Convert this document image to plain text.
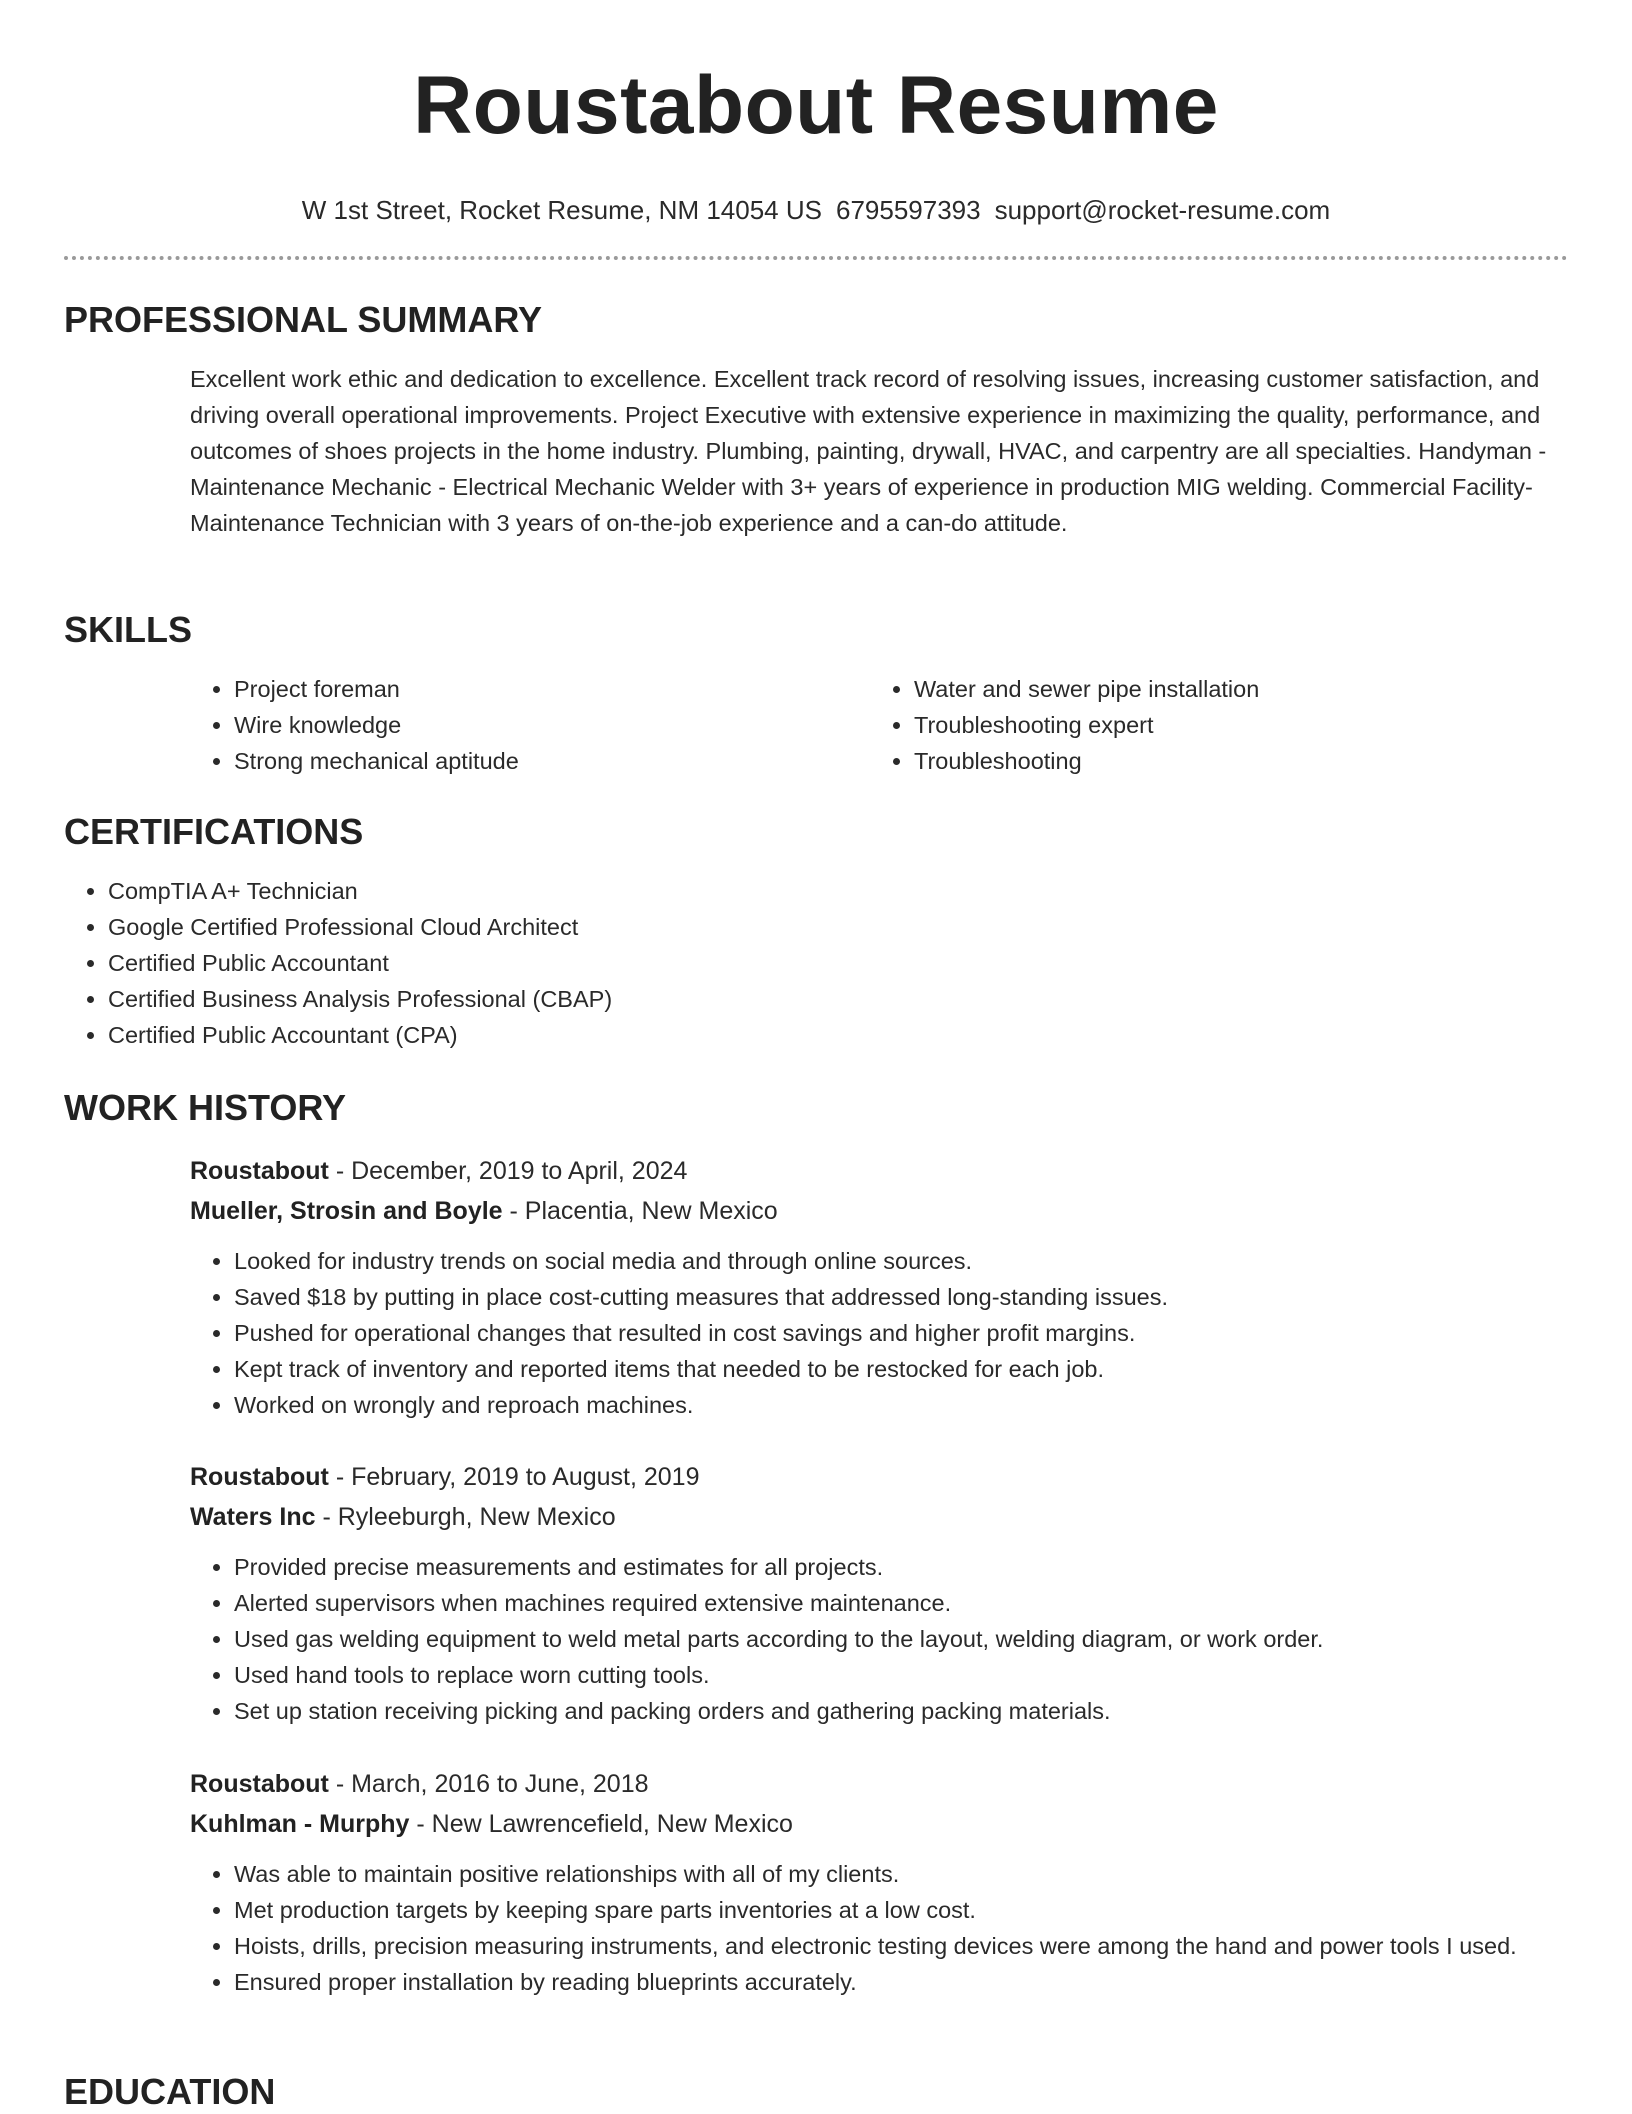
Roustabout Resume
W 1st Street, Rocket Resume, NM 14054 US 6795597393 support@rocket-resume.com
PROFESSIONAL SUMMARY
Excellent work ethic and dedication to excellence. Excellent track record of resolving issues, increasing customer satisfaction, and driving overall operational improvements. Project Executive with extensive experience in maximizing the quality, performance, and outcomes of shoes projects in the home industry. Plumbing, painting, drywall, HVAC, and carpentry are all specialties. Handyman - Maintenance Mechanic - Electrical Mechanic Welder with 3+ years of experience in production MIG welding. Commercial Facility-Maintenance Technician with 3 years of on-the-job experience and a can-do attitude.
SKILLS
• Project foreman
• Wire knowledge
• Strong mechanical aptitude
• Water and sewer pipe installation
• Troubleshooting expert
• Troubleshooting
CERTIFICATIONS
• CompTIA A+ Technician
• Google Certified Professional Cloud Architect
• Certified Public Accountant
• Certified Business Analysis Professional (CBAP)
• Certified Public Accountant (CPA)
WORK HISTORY
Roustabout - December, 2019 to April, 2024
Mueller, Strosin and Boyle - Placentia, New Mexico
• Looked for industry trends on social media and through online sources.
• Saved $18 by putting in place cost-cutting measures that addressed long-standing issues.
• Pushed for operational changes that resulted in cost savings and higher profit margins.
• Kept track of inventory and reported items that needed to be restocked for each job.
• Worked on wrongly and reproach machines.
Roustabout - February, 2019 to August, 2019
Waters Inc - Ryleeburgh, New Mexico
• Provided precise measurements and estimates for all projects.
• Alerted supervisors when machines required extensive maintenance.
• Used gas welding equipment to weld metal parts according to the layout, welding diagram, or work order.
• Used hand tools to replace worn cutting tools.
• Set up station receiving picking and packing orders and gathering packing materials.
Roustabout - March, 2016 to June, 2018
Kuhlman - Murphy - New Lawrencefield, New Mexico
• Was able to maintain positive relationships with all of my clients.
• Met production targets by keeping spare parts inventories at a low cost.
• Hoists, drills, precision measuring instruments, and electronic testing devices were among the hand and power tools I used.
• Ensured proper installation by reading blueprints accurately.
EDUCATION
